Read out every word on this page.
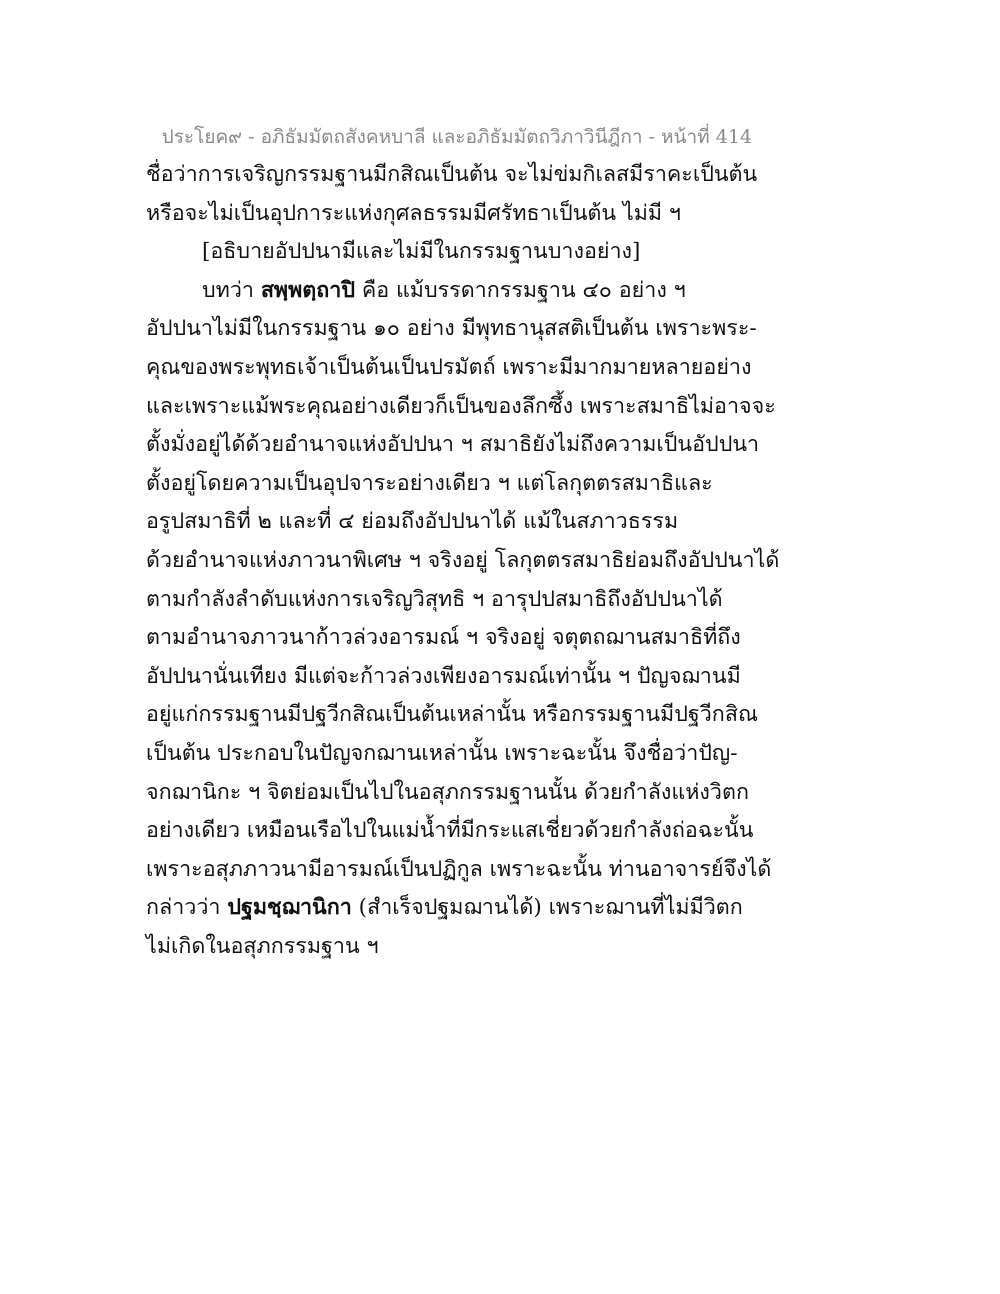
ประโยค๙ - อภิธัมมัตถสังคหบาลี และอภิธัมมัตถวิภาวินีฎีกา - หน้าที่ 414
ชื่อว่าการเจริญกรรมฐานมีกสิณเป็นต้น จะไม่ข่มกิเลสมีราคะเป็นต้น
หรือจะไม่เป็นอุปการะแห่งกุศลธรรมมีศรัทธาเป็นต้น ไม่มี ฯ
[อธิบายอัปปนามีและไม่มีในกรรมฐานบางอย่าง]
บทว่า สพฺพตฺถาปิ คือ แม้บรรดากรรมฐาน ๔๐ อย่าง ฯ
อัปปนาไม่มีในกรรมฐาน ๑๐ อย่าง มีพุทธานุสสติเป็นต้น เพราะพระ-
คุณของพระพุทธเจ้าเป็นต้นเป็นปรมัตถ์ เพราะมีมากมายหลายอย่าง
และเพราะแม้พระคุณอย่างเดียวก็เป็นของลึกซึ้ง เพราะสมาธิไม่อาจจะ
ตั้งมั่งอยู่ได้ด้วยอำนาจแห่งอัปปนา ฯ สมาธิยังไม่ถึงความเป็นอัปปนา
ตั้งอยู่โดยความเป็นอุปจาระอย่างเดียว ฯ แต่โลกุตตรสมาธิและ
อรูปสมาธิที่ ๒ และที่ ๔ ย่อมถึงอัปปนาได้ แม้ในสภาวธรรม
ด้วยอำนาจแห่งภาวนาพิเศษ ฯ จริงอยู่ โลกุตตรสมาธิย่อมถึงอัปปนาได้
ตามกำลังลำดับแห่งการเจริญวิสุทธิ ฯ อารุปปสมาธิถึงอัปปนาได้
ตามอำนาจภาวนาก้าวล่วงอารมณ์ ฯ จริงอยู่ จตุตถฌานสมาธิที่ถึง
อัปปนานั่นเทียง มีแต่จะก้าวล่วงเพียงอารมณ์เท่านั้น ฯ ปัญจฌานมี
อยู่แก่กรรมฐานมีปฐวีกสิณเป็นต้นเหล่านั้น หรือกรรมฐานมีปฐวีกสิณ
เป็นต้น ประกอบในปัญจกฌานเหล่านั้น เพราะฉะนั้น จึงชื่อว่าปัญ-
จกฌานิกะ ฯ จิตย่อมเป็นไปในอสุภกรรมฐานนั้น ด้วยกำลังแห่งวิตก
อย่างเดียว เหมือนเรือไปในแม่น้ำที่มีกระแสเชี่ยวด้วยกำลังถ่อฉะนั้น
เพราะอสุภภาวนามีอารมณ์เป็นปฏิกูล เพราะฉะนั้น ท่านอาจารย์จึงได้
กล่าวว่า ปฐมชฺฌานิกา (สำเร็จปฐมฌานได้) เพราะฌานที่ไม่มีวิตก
ไม่เกิดในอสุภกรรมฐาน ฯ
